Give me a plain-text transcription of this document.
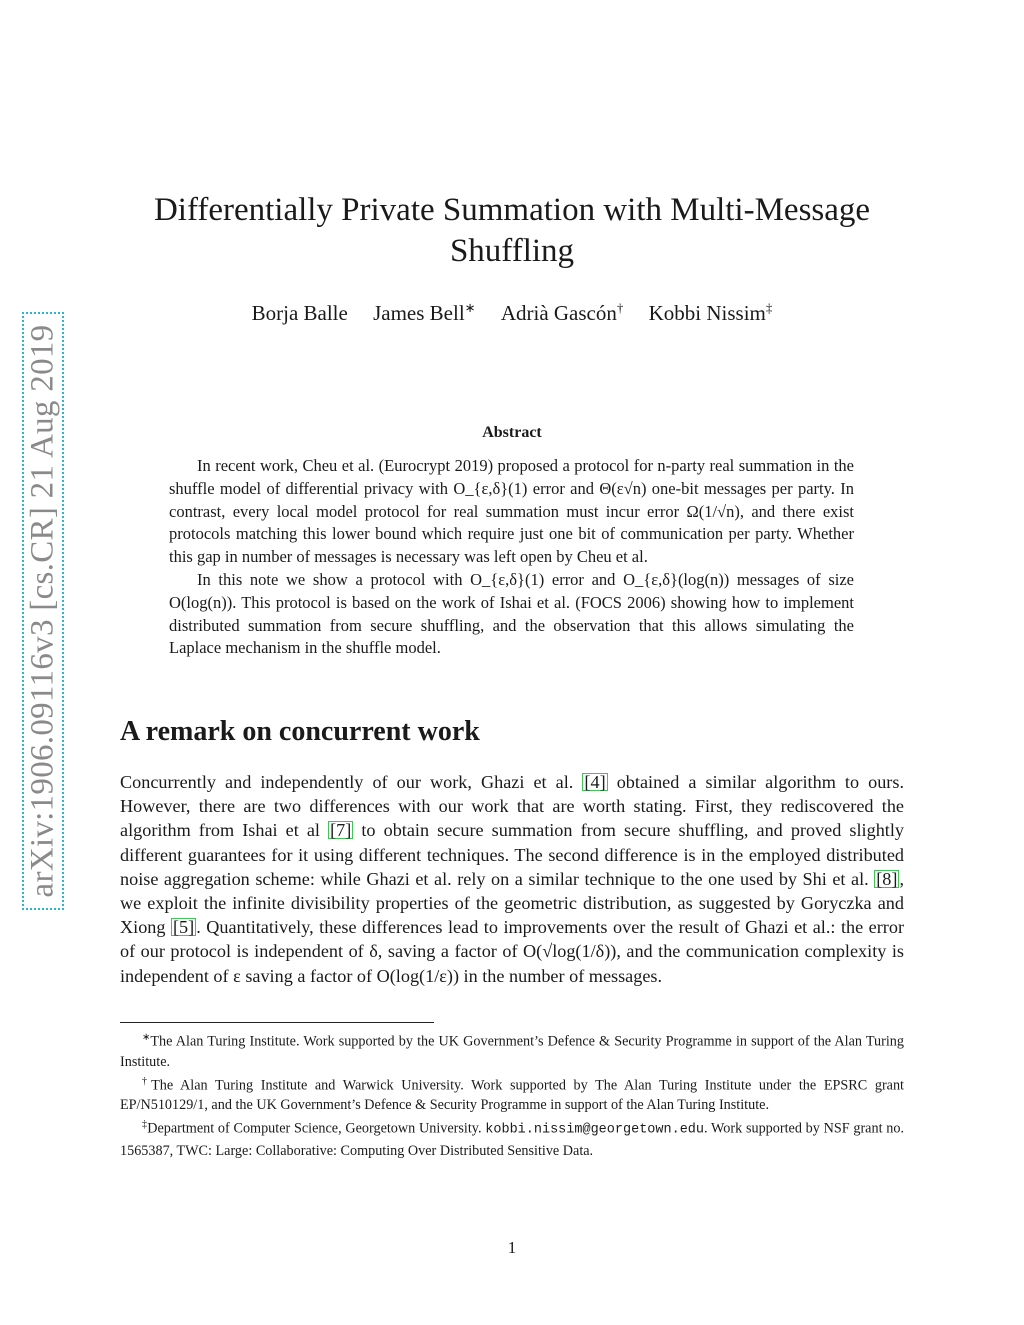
arXiv:1906.09116v3 [cs.CR] 21 Aug 2019
Differentially Private Summation with Multi-Message
Shuffling
Borja Balle James Bell∗ Adrià Gascón† Kobbi Nissim‡
Abstract

In recent work, Cheu et al. (Eurocrypt 2019) proposed a protocol for n-party real summation in the shuffle model of differential privacy with O_{ε,δ}(1) error and Θ(ε√n) one-bit messages per party. In contrast, every local model protocol for real summation must incur error Ω(1/√n), and there exist protocols matching this lower bound which require just one bit of communication per party. Whether this gap in number of messages is necessary was left open by Cheu et al.

In this note we show a protocol with O_{ε,δ}(1) error and O_{ε,δ}(log(n)) messages of size O(log(n)). This protocol is based on the work of Ishai et al. (FOCS 2006) showing how to implement distributed summation from secure shuffling, and the observation that this allows simulating the Laplace mechanism in the shuffle model.

A remark on concurrent work

Concurrently and independently of our work, Ghazi et al. [4] obtained a similar algorithm to ours. However, there are two differences with our work that are worth stating. First, they rediscovered the algorithm from Ishai et al [7] to obtain secure summation from secure shuffling, and proved slightly different guarantees for it using different techniques. The second difference is in the employed distributed noise aggregation scheme: while Ghazi et al. rely on a similar technique to the one used by Shi et al. [8] , we exploit the infinite divisibility properties of the geometric distribution, as suggested by Goryczka and Xiong [5] . Quantitatively, these differences lead to improvements over the result of Ghazi et al.: the error of our protocol is independent of δ, saving a factor of O(√log(1/δ)), and the communication complexity is independent of ε saving a factor of O(log(1/ε)) in the number of messages.

∗The Alan Turing Institute. Work supported by the UK Government’s Defence & Security Programme in support of the Alan Turing Institute.

†The Alan Turing Institute and Warwick University. Work supported by The Alan Turing Institute under the EPSRC grant EP/N510129/1, and the UK Government’s Defence & Security Programme in support of the Alan Turing Institute.

‡Department of Computer Science, Georgetown University. kobbi.nissim@georgetown.edu. Work supported by NSF grant no. 1565387, TWC: Large: Collaborative: Computing Over Distributed Sensitive Data.

1
